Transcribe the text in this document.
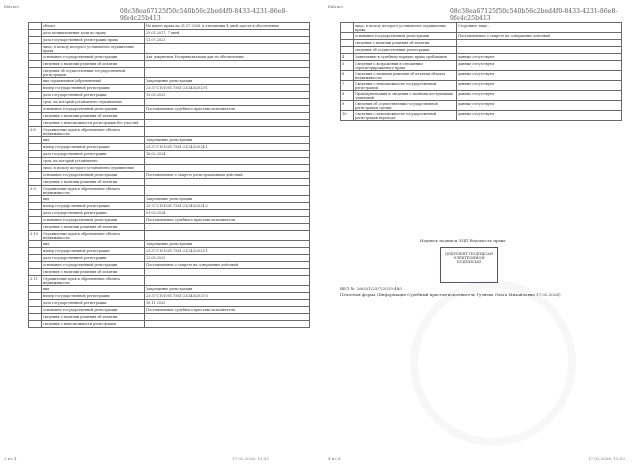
Extract
08c38ea67125f50c540b56c2bed4f0-8433-4231-86e8-9fe4c25b413
	объект	Не имеет права на 31.07.2026, в отношении 4 дней ареста в обеспечении
	дата возникновения доли по праву	25.01.2017, 7 дней
	дата государственной регистрации права	11.07.2023
	лицо, в пользу которого установлено ограничение права	
	основание государственной регистрации	Акт документы Росприватизации дан по обеспечению
	сведения о наличии решения об изъятии	
	сведения об осуществлении государственной регистрации	
	вид ограничения (обременения)	Запрещение регистрации
	номер государственной регистрации	23:37:1101001:7561-23/245/2023-1
	дата государственной регистрации	13.05.2023
	срок, на который установлено ограничение	
	основание государственной регистрации	Постановление судебного пристава-исполнителя
	сведения о наличии решения об изъятии	
	сведения о невозможности регистрации без участия	
3.8	Ограничение прав и обременение объекта недвижимости	
	вид	Запрещение регистрации
	номер государственной регистрации	23:37:1101001:7561-23/245/2024-1
	дата государственной регистрации	16.02.2024
	срок, на который установлено	
	лицо, в пользу которого установлено ограничение	
	основание государственной регистрации	Постановление о запрете регистрационных действий
	сведения о наличии решения об изъятии	
3.9	Ограничение прав и обременение объекта недвижимости	
	вид	Запрещение регистрации
	номер государственной регистрации	23:37:1101001:7561-23/245/2024-2
	дата государственной регистрации	01.03.2024
	основание государственной регистрации	Постановление судебного пристава-исполнителя
	сведения о наличии решения об изъятии	
3.10	Ограничение прав и обременение объекта недвижимости	
	вид	Запрещение регистрации
	номер государственной регистрации	23:37:1101001:7561-23/245/2025-1
	дата государственной регистрации	22.05.2025
	основание государственной регистрации	Постановление о запрете на совершение действий
	сведения о наличии решения об изъятии	
3.11	Ограничение прав и обременение объекта недвижимости	
	вид	Запрещение регистрации
	номер государственной регистрации	23:37:1101001:7561-23/245/2025-3
	дата государственной регистрации	10.11.2025
	основание государственной регистрации	Постановление судебного пристава-исполнителя
	сведения о наличии решения об изъятии	
	сведения о невозможности регистрации	
3 из 4	17.02.2026, 12:53
Extract
08c38ea67125f50c540b56c2bed4f0-8433-4231-86e8-9fe4c25b413
4 из 4	17.02.2026, 12:53
	лицо, в пользу которого установлено ограничение права	Стороннее лицо...
	основание государственной регистрации	Постановление о запрете на совершение действий
	сведения о наличии решения об изъятии	
	сведения об осуществлении регистрации	
4	Заявленные в судебном порядке права требования	данные отсутствуют
5	Сведения о возражении в отношении зарегистрированного права	данные отсутствуют
6	Сведения о наличии решения об изъятии объекта недвижимости	данные отсутствуют
7	Сведения о невозможности государственной регистрации	данные отсутствуют
8	Правопритязания и сведения о наличии поступивших заявлений	данные отсутствуют
9	Сведения об осуществлении государственной регистрации сделки	данные отсутствуют
10	Сведения о невозможности государственной регистрации перехода	данные отсутствуют
Надпись подписи ЭЦП Ведомость права
ДОКУМЕНТ ПОДПИСАН ЭЛЕКТРОННОЙ ПОДПИСЬЮ
ВЕЛ №: 2603/1/25/7/2025-485
Печатная форма (Информация Судебный пристав-исполнитель Гуляева Ольга Михайловна 17.02.2026)
